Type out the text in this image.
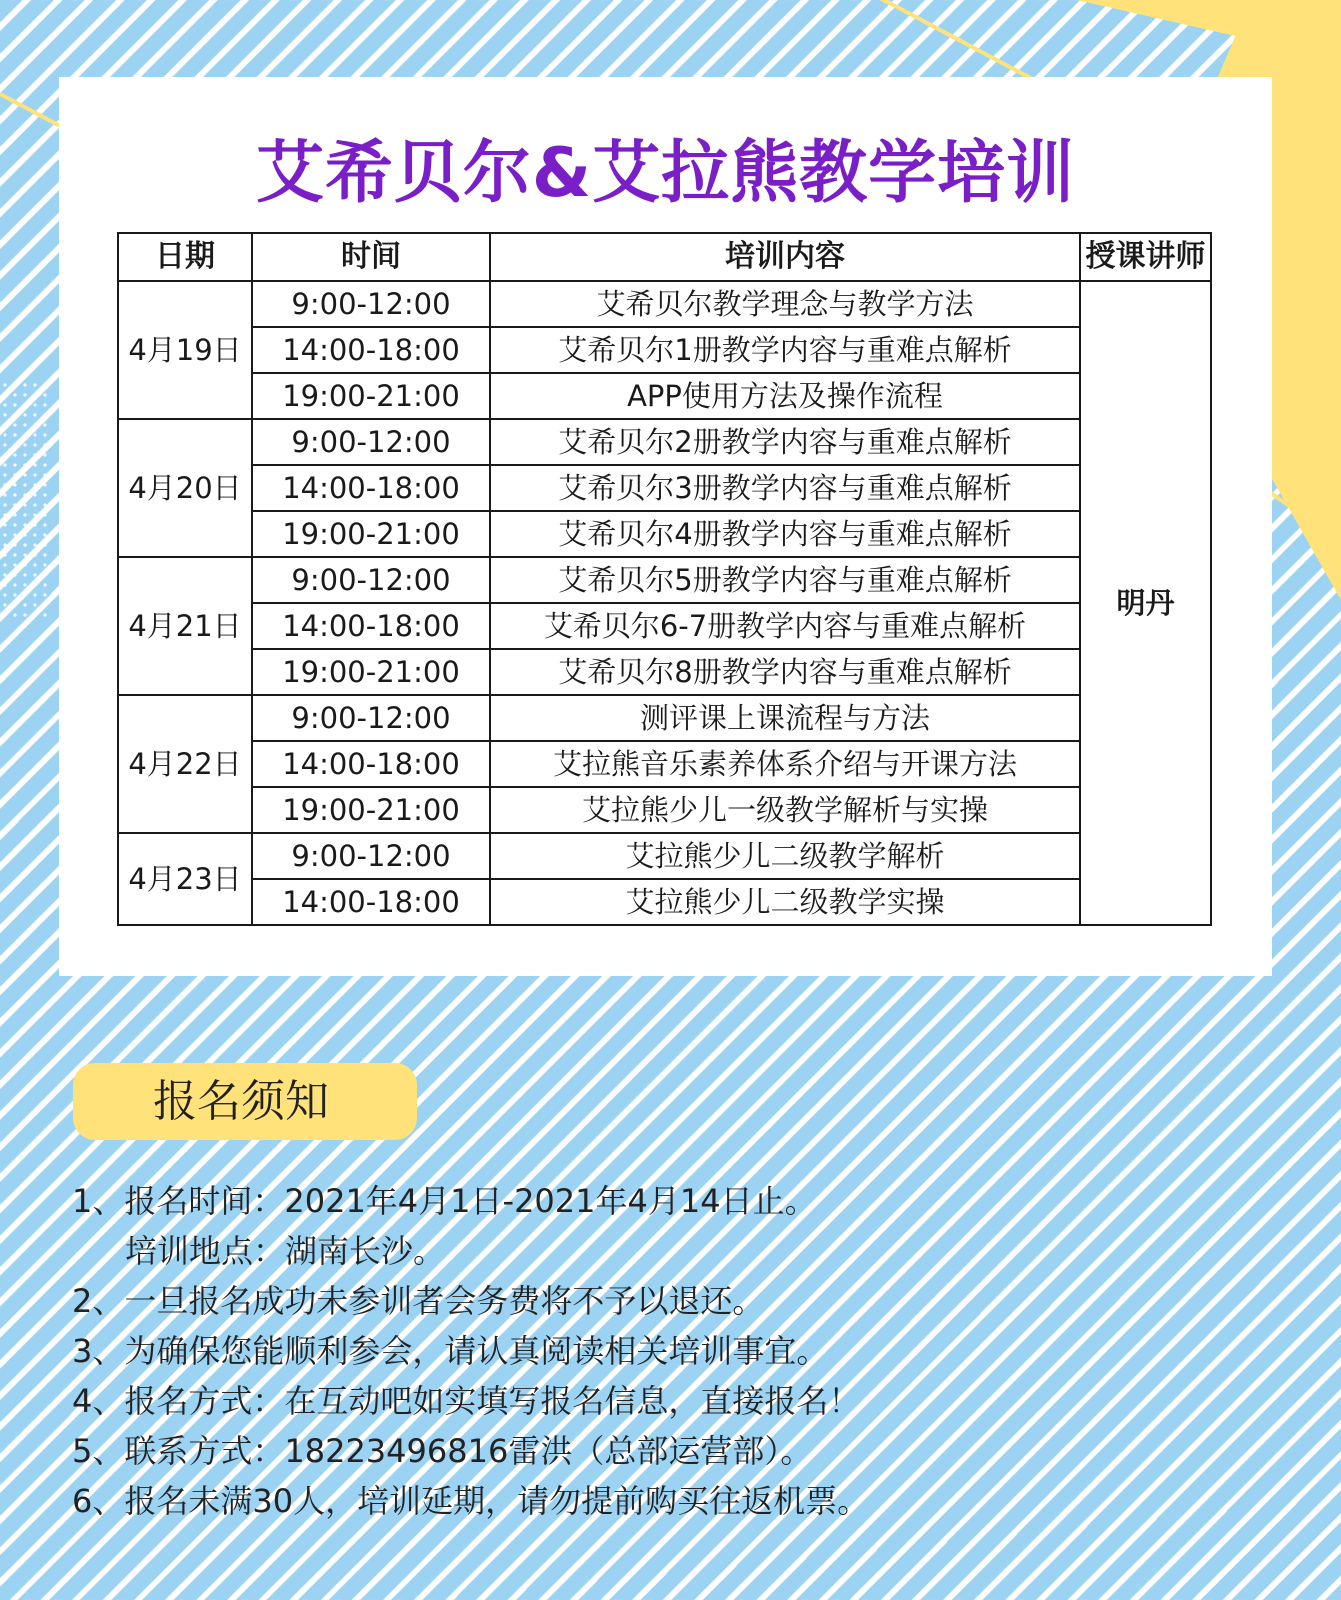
艾希贝尔&艾拉熊教学培训
日期	时间	培训内容	授课讲师
4月19日	9:00-12:00	艾希贝尔教学理念与教学方法	明丹
	14:00-18:00	艾希贝尔1册教学内容与重难点解析	
	19:00-21:00	APP使用方法及操作流程	
4月20日	9:00-12:00	艾希贝尔2册教学内容与重难点解析	
	14:00-18:00	艾希贝尔3册教学内容与重难点解析	
	19:00-21:00	艾希贝尔4册教学内容与重难点解析	
4月21日	9:00-12:00	艾希贝尔5册教学内容与重难点解析	
	14:00-18:00	艾希贝尔6-7册教学内容与重难点解析	
	19:00-21:00	艾希贝尔8册教学内容与重难点解析	
4月22日	9:00-12:00	测评课上课流程与方法	
	14:00-18:00	艾拉熊音乐素养体系介绍与开课方法	
	19:00-21:00	艾拉熊少儿一级教学解析与实操	
4月23日	9:00-12:00	艾拉熊少儿二级教学解析	
	14:00-18:00	艾拉熊少儿二级教学实操	
报名须知
1、报名时间：2021年4月1日-2021年4月14日止。
培训地点：湖南长沙。
2、一旦报名成功未参训者会务费将不予以退还。
3、为确保您能顺利参会，请认真阅读相关培训事宜。
4、报名方式：在互动吧如实填写报名信息，直接报名！
5、联系方式：18223496816雷洪（总部运营部）。
6、报名未满30人，培训延期，请勿提前购买往返机票。
